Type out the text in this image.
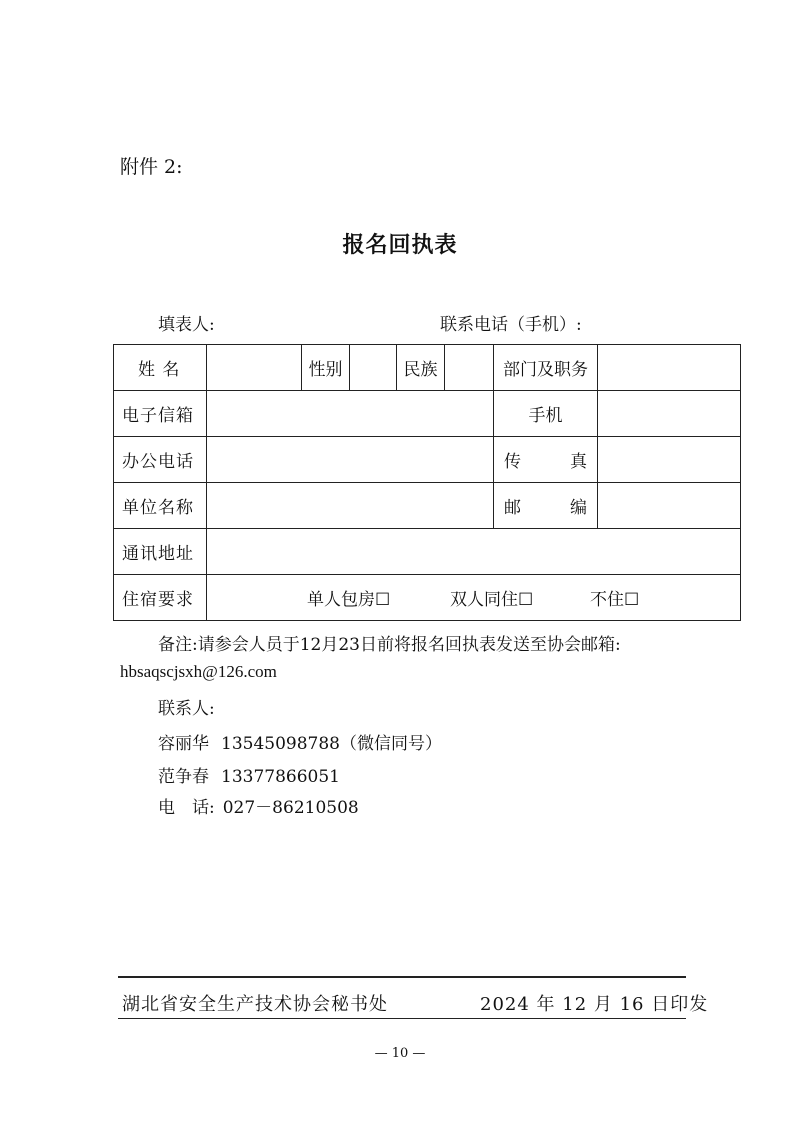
附件 2:
报名回执表
填表人:	联系电话（手机）:
姓 名		性别		民族		部门及职务	
电子信箱						手机	
办公电话						传 真	

单位名称						邮 编	

通讯地址							
住宿要求	单人包房☐ 双人同住☐ 不住☐						
备注:请参会人员于12月23日前将报名回执表发送至协会邮箱:
hbsaqscjsxh@126.com
联系人:
容丽华 13545098788（微信同号）
范争春 13377866051
电　话: 027－86210508
湖北省安全生产技术协会秘书处	2024 年 12 月 16 日印发
— 10 —
